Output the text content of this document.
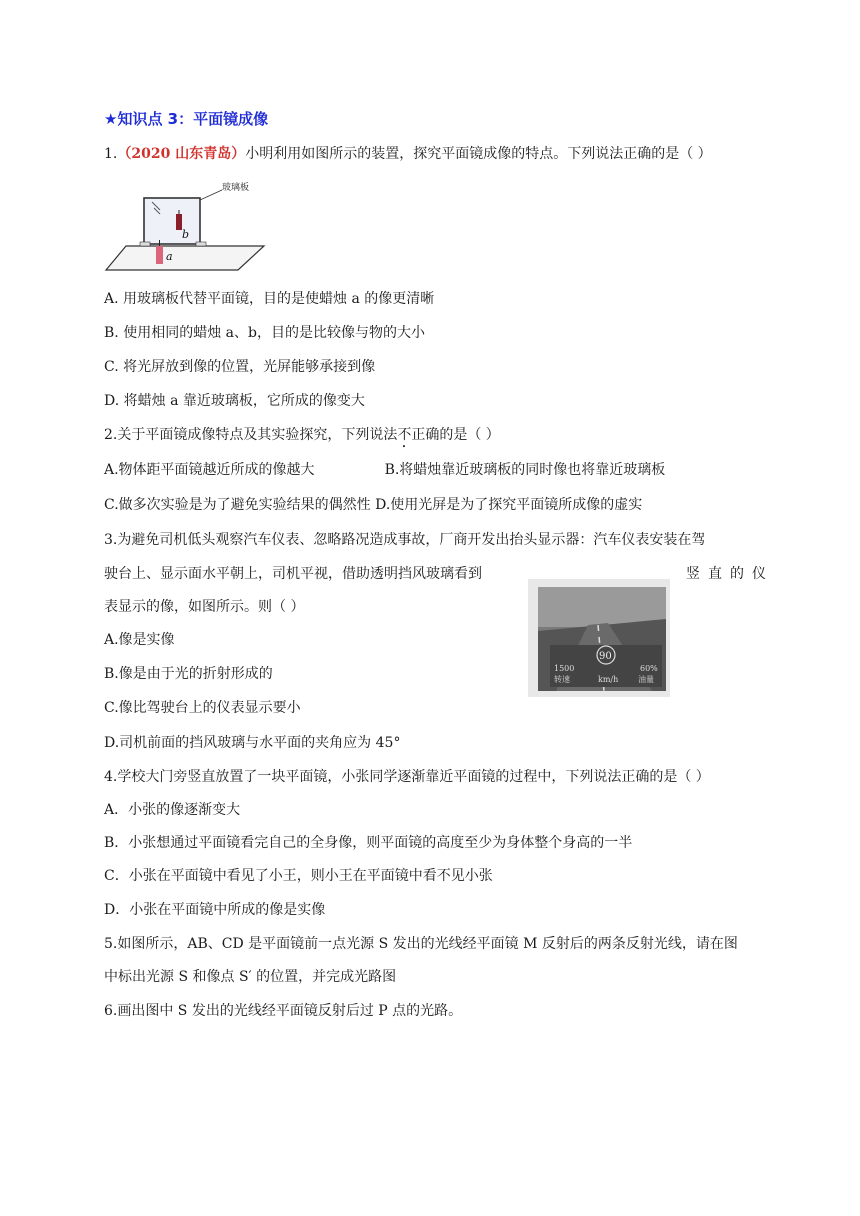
★知识点 3：平面镜成像
1.（2020 山东青岛）小明利用如图所示的装置，探究平面镜成像的特点。下列说法正确的是（ ）
b
a
玻璃板
A. 用玻璃板代替平面镜，目的是使蜡烛 a 的像更清晰
B. 使用相同的蜡烛 a、b，目的是比较像与物的大小
C. 将光屏放到像的位置，光屏能够承接到像
D. 将蜡烛 a 靠近玻璃板，它所成的像变大
2.关于平面镜成像特点及其实验探究，下列说法不正确的是（ ）
A.物体距平面镜越近所成的像越大	B.将蜡烛靠近玻璃板的同时像也将靠近玻璃板
C.做多次实验是为了避免实验结果的偶然性 D.使用光屏是为了探究平面镜所成像的虚实
3.为避免司机低头观察汽车仪表、忽略路况造成事故，厂商开发出抬头显示器：汽车仪表安装在驾
驶台上、显示面水平朝上，司机平视，借助透明挡风玻璃看到	竖直的仪
表显示的像，如图所示。则（ ）
90
1500	60%
转速	km/h 油量
A.像是实像
B.像是由于光的折射形成的
C.像比驾驶台上的仪表显示要小
D.司机前面的挡风玻璃与水平面的夹角应为 45°
4.学校大门旁竖直放置了一块平面镜，小张同学逐渐靠近平面镜的过程中，下列说法正确的是（ ）
A．小张的像逐渐变大
B．小张想通过平面镜看完自己的全身像，则平面镜的高度至少为身体整个身高的一半
C．小张在平面镜中看见了小王，则小王在平面镜中看不见小张
D．小张在平面镜中所成的像是实像
5.如图所示，AB、CD 是平面镜前一点光源 S 发出的光线经平面镜 M 反射后的两条反射光线，请在图
中标出光源 S 和像点 S′ 的位置，并完成光路图
6.画出图中 S 发出的光线经平面镜反射后过 P 点的光路。
